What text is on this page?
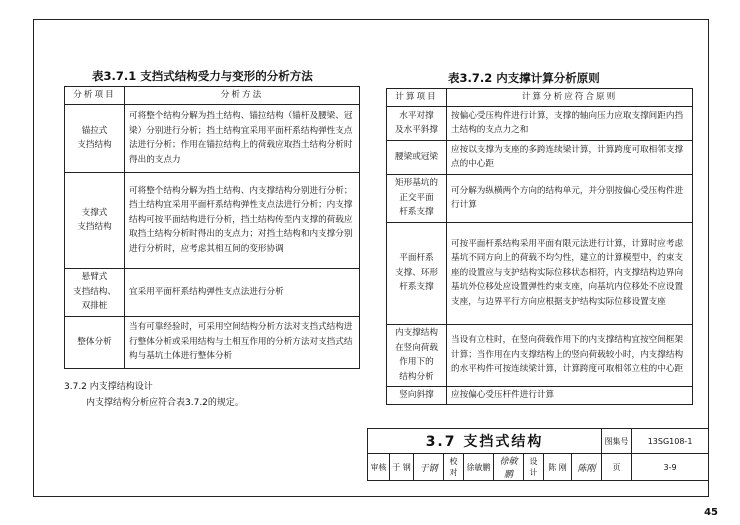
表3.7.1 支挡式结构受力与变形的分析方法
分析项目	分析方法
锚拉式
支挡结构	可将整个结构分解为挡土结构、锚拉结构（锚杆及腰梁、冠梁）分别进行分析；挡土结构宜采用平面杆系结构弹性支点法进行分析；作用在锚拉结构上的荷载应取挡土结构分析时得出的支点力
支撑式
支挡结构	可将整个结构分解为挡土结构、内支撑结构分别进行分析；挡土结构宜采用平面杆系结构弹性支点法进行分析；内支撑结构可按平面结构进行分析，挡土结构传至内支撑的荷载应取挡土结构分析时得出的支点力；对挡土结构和内支撑分别进行分析时，应考虑其相互间的变形协调
悬臂式
支挡结构、
双排桩	宜采用平面杆系结构弹性支点法进行分析
整体分析	当有可靠经验时，可采用空间结构分析方法对支挡式结构进行整体分析或采用结构与土相互作用的分析方法对支挡式结构与基坑土体进行整体分析
3.7.2 内支撑结构设计
内支撑结构分析应符合表3.7.2的规定。
表3.7.2 内支撑计算分析原则
计算项目	计算分析应符合原则
水平对撑
及水平斜撑	按偏心受压构件进行计算，支撑的轴向压力应取支撑间距内挡土结构的支点力之和
腰梁或冠梁	应按以支撑为支座的多跨连续梁计算，计算跨度可取相邻支撑点的中心距
矩形基坑的
正交平面
杆系支撑	可分解为纵横两个方向的结构单元，并分别按偏心受压构件进行计算
平面杆系
支撑、环形
杆系支撑	可按平面杆系结构采用平面有限元法进行计算，计算时应考虑基坑不同方向上的荷载不均匀性，建立的计算模型中，约束支座的设置应与支护结构实际位移状态相符，内支撑结构边界向基坑外位移处应设置弹性约束支座，向基坑内位移处不应设置支座，与边界平行方向应根据支护结构实际位移设置支座
内支撑结构
在竖向荷载
作用下的
结构分析	当设有立柱时，在竖向荷载作用下的内支撑结构宜按空间框架计算；当作用在内支撑结构上的竖向荷载较小时，内支撑结构的水平构件可按连续梁计算，计算跨度可取相邻立柱的中心距
竖向斜撑	应按偏心受压杆件进行计算
3.7 支挡式结构									图集号	13SG108-1
审核	于 钢	于钢	校对	徐敏鹏	徐敏鹏	设计	陈 刚	陈刚	页	3-9
45
